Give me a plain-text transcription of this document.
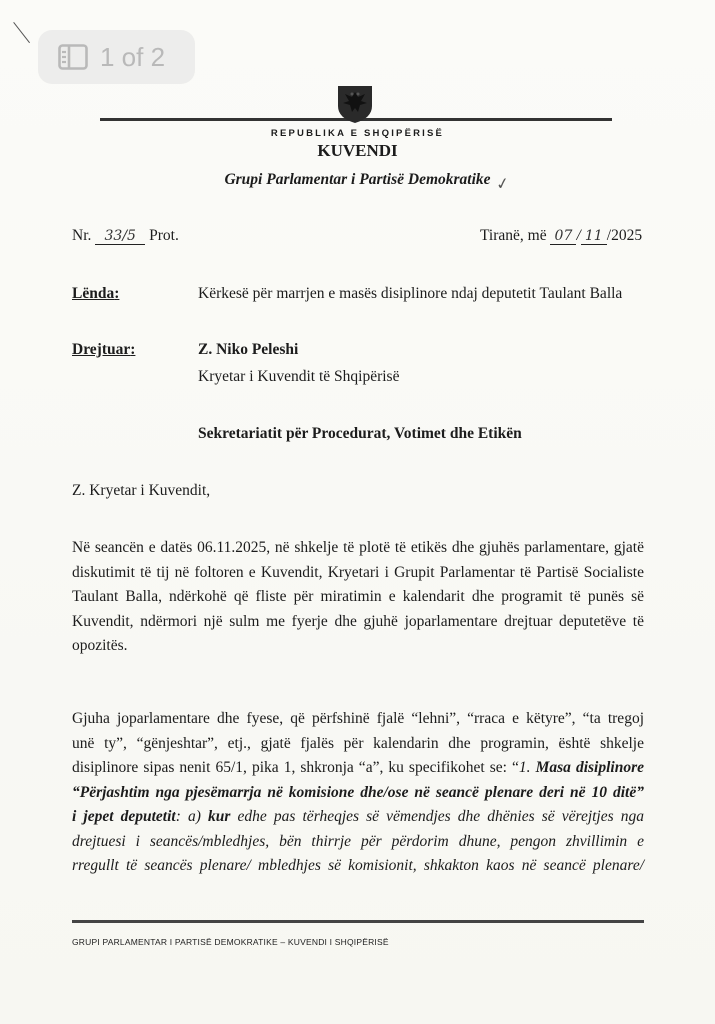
1 of 2
REPUBLIKA E SHQIPËRISË
KUVENDI
Grupi Parlamentar i Partisë Demokratike ✓
Nr. 33/5 Prot.	Tiranë, më 07 / 11 /2025
Lënda:	Kërkesë për marrjen e masës disiplinore ndaj deputetit Taulant Balla
Drejtuar:	Z. Niko Peleshi
Kryetar i Kuvendit të Shqipërisë
Sekretariatit për Procedurat, Votimet dhe Etikën
Z. Kryetar i Kuvendit,
Në seancën e datës 06.11.2025, në shkelje të plotë të etikës dhe gjuhës parlamentare, gjatë
diskutimit të tij në foltoren e Kuvendit, Kryetari i Grupit Parlamentar të Partisë Socialiste
Taulant Balla, ndërkohë që fliste për miratimin e kalendarit dhe programit të punës së
Kuvendit, ndërmori një sulm me fyerje dhe gjuhë joparlamentare drejtuar deputetëve të
opozitës.
Gjuha joparlamentare dhe fyese, që përfshinë fjalë “lehni”, “rraca e këtyre”, “ta tregoj
unë ty”, “gënjeshtar”, etj., gjatë fjalës për kalendarin dhe programin, është shkelje
disiplinore sipas nenit 65/1, pika 1, shkronja “a”, ku specifikohet se: “1. Masa disiplinore
“Përjashtim nga pjesëmarrja në komisione dhe/ose në seancë plenare deri në 10 ditë”
i jepet deputetit: a) kur edhe pas tërheqjes së vëmendjes dhe dhënies së vërejtjes nga
drejtuesi i seancës/mbledhjes, bën thirrje për përdorim dhune, pengon zhvillimin e
rregullt të seancës plenare/ mbledhjes së komisionit, shkakton kaos në seancë plenare/
GRUPI PARLAMENTAR I PARTISË DEMOKRATIKE – KUVENDI I SHQIPËRISË
